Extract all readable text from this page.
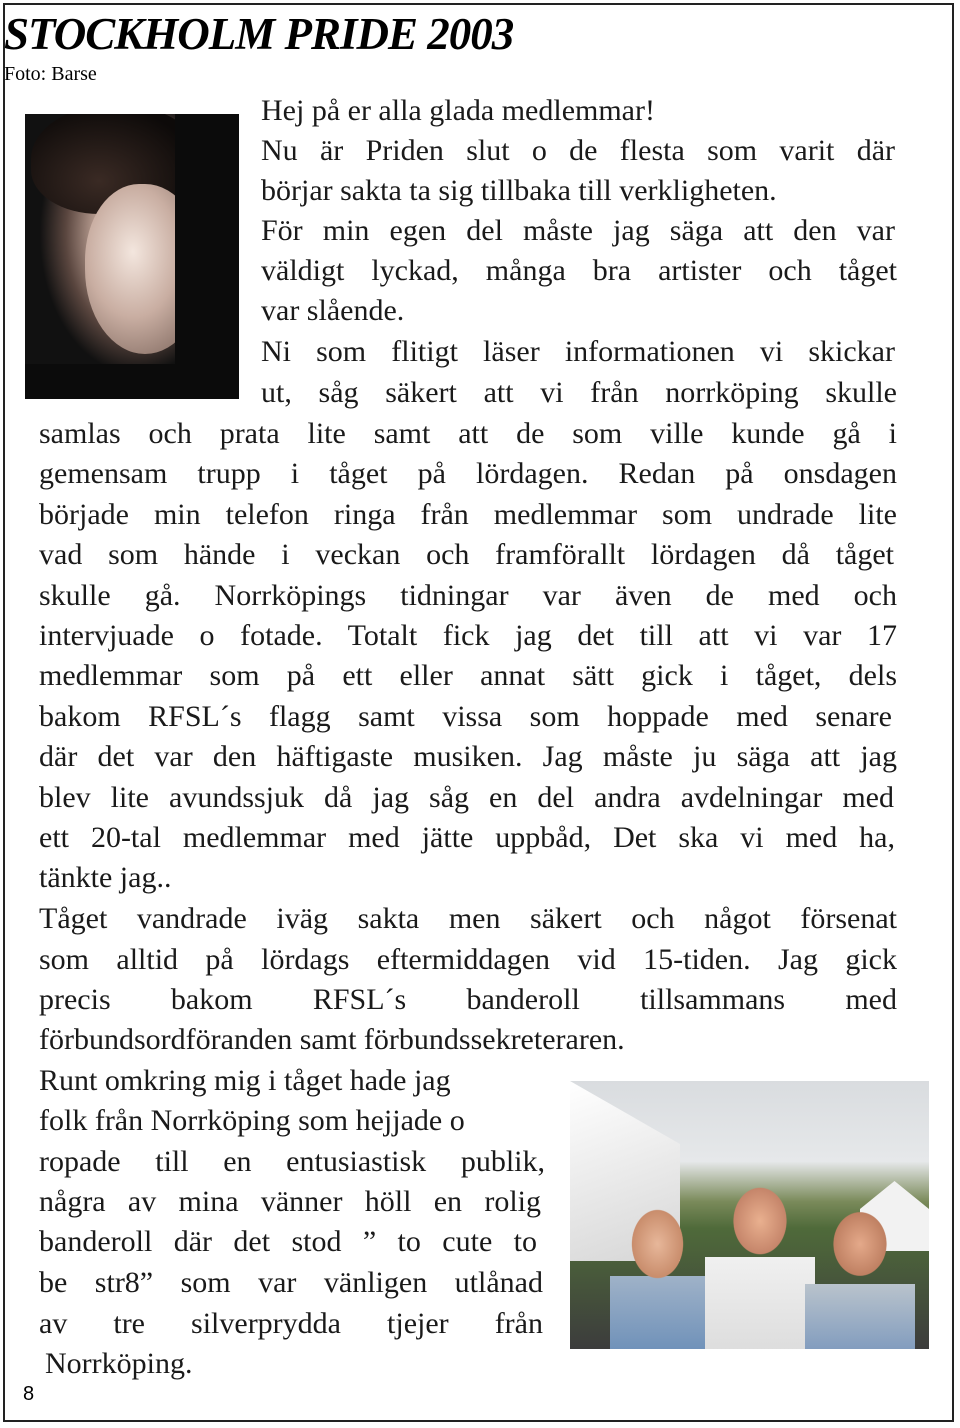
STOCKHOLM PRIDE 2003
Foto: Barse
Hej på er alla glada medlemmar!
Nu är Priden slut o de flesta som varit där
börjar sakta ta sig tillbaka till verkligheten.
För min egen del måste jag säga att den var
väldigt lyckad, många bra artister och tåget
var slående.
Ni som flitigt läser informationen vi skickar
ut, såg säkert att vi från norrköping skulle
samlas och prata lite samt att de som ville kunde gå i
gemensam trupp i tåget på lördagen. Redan på onsdagen
började min telefon ringa från medlemmar som undrade lite
vad som hände i veckan och framförallt lördagen då tåget
skulle gå. Norrköpings tidningar var även de med och
intervjuade o fotade. Totalt fick jag det till att vi var 17
medlemmar som på ett eller annat sätt gick i tåget, dels
bakom RFSL´s flagg samt vissa som hoppade med senare
där det var den häftigaste musiken. Jag måste ju säga att jag
blev lite avundssjuk då jag såg en del andra avdelningar med
ett 20-tal medlemmar med jätte uppbåd, Det ska vi med ha,
tänkte jag..
Tåget vandrade iväg sakta men säkert och något försenat
som alltid på lördags eftermiddagen vid 15-tiden. Jag gick
precis bakom RFSL´s banderoll tillsammans med
förbundsordföranden samt förbundssekreteraren.
Runt omkring mig i tåget hade jag
folk från Norrköping som hejjade o
ropade till en entusiastisk publik,
några av mina vänner höll en rolig
banderoll där det stod ” to cute to
be str8” som var vänligen utlånad
av tre silverprydda tjejer från
Norrköping.
8
